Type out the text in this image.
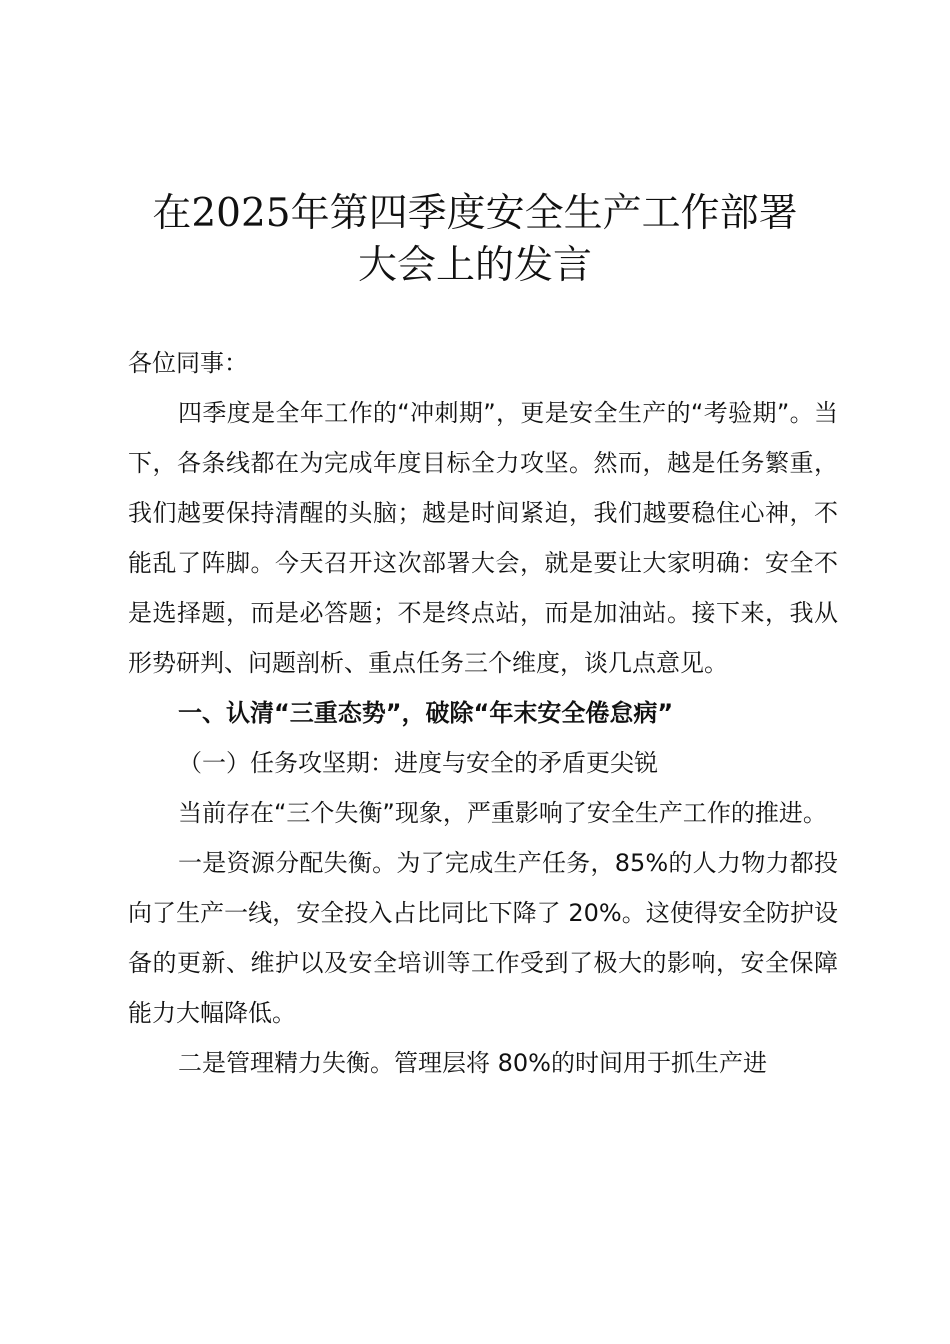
在2025年第四季度安全生产工作部署
大会上的发言

各位同事：

四季度是全年工作的“冲刺期”，更是安全生产的“考验期”。当下，各条线都在为完成年度目标全力攻坚。然而，越是任务繁重，我们越要保持清醒的头脑；越是时间紧迫，我们越要稳住心神，不能乱了阵脚。今天召开这次部署大会，就是要让大家明确：安全不是选择题，而是必答题；不是终点站，而是加油站。接下来，我从形势研判、问题剖析、重点任务三个维度，谈几点意见。

一、认清“三重态势”，破除“年末安全倦怠病”

（一）任务攻坚期：进度与安全的矛盾更尖锐

当前存在“三个失衡”现象，严重影响了安全生产工作的推进。

一是资源分配失衡。为了完成生产任务，85%的人力物力都投向了生产一线，安全投入占比同比下降了 20%。这使得安全防护设备的更新、维护以及安全培训等工作受到了极大的影响，安全保障能力大幅降低。

二是管理精力失衡。管理层将 80%的时间用于抓生产进
